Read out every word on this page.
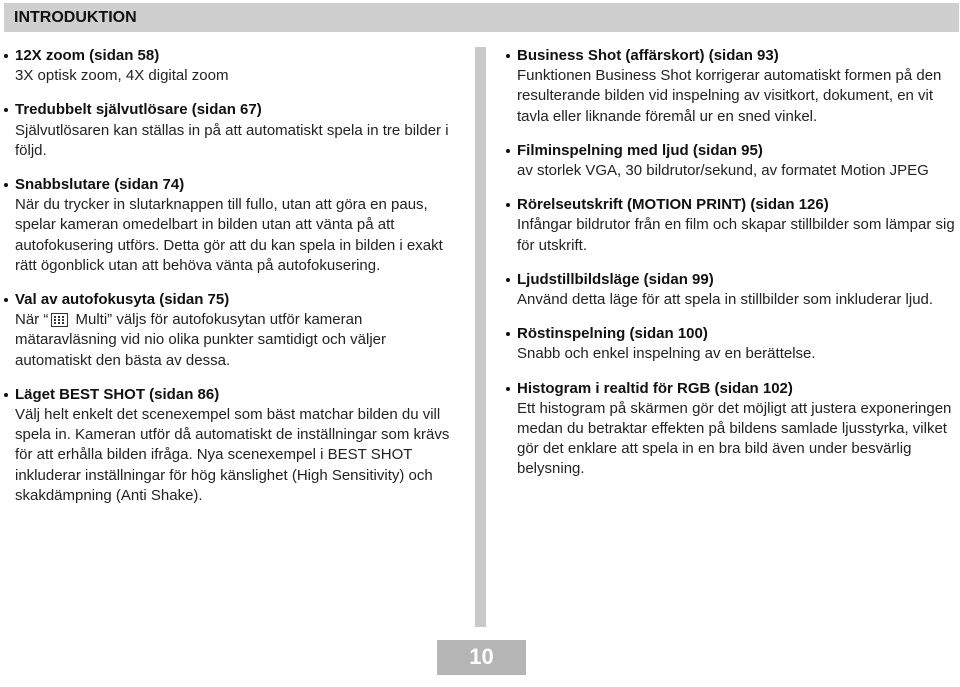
INTRODUKTION
12X zoom (sidan 58)
3X optisk zoom, 4X digital zoom
Tredubbelt självutlösare (sidan 67)
Självutlösaren kan ställas in på att automatiskt spela in tre bilder i följd.
Snabbslutare (sidan 74)
När du trycker in slutarknappen till fullo, utan att göra en paus, spelar kameran omedelbart in bilden utan att vänta på att autofokusering utförs. Detta gör att du kan spela in bilden i exakt rätt ögonblick utan att behöva vänta på autofokusering.
Val av autofokusyta (sidan 75)
När “
Multi” väljs för autofokusytan utför kameran mätaravläsning vid nio olika punkter samtidigt och väljer automatiskt den bästa av dessa.
Läget BEST SHOT (sidan 86)
Välj helt enkelt det scenexempel som bäst matchar bilden du vill spela in. Kameran utför då automatiskt de inställningar som krävs för att erhålla bilden ifråga. Nya scenexempel i BEST SHOT inkluderar inställningar för hög känslighet (High Sensitivity) och skakdämpning (Anti Shake).
Business Shot (affärskort) (sidan 93)
Funktionen Business Shot korrigerar automatiskt formen på den resulterande bilden vid inspelning av visitkort, dokument, en vit tavla eller liknande föremål ur en sned vinkel.
Filminspelning med ljud (sidan 95)
av storlek VGA, 30 bildrutor/sekund, av formatet Motion JPEG
Rörelseutskrift (MOTION PRINT) (sidan 126)
Infångar bildrutor från en film och skapar stillbilder som lämpar sig för utskrift.
Ljudstillbildsläge (sidan 99)
Använd detta läge för att spela in stillbilder som inkluderar ljud.
Röstinspelning (sidan 100)
Snabb och enkel inspelning av en berättelse.
Histogram i realtid för RGB (sidan 102)
Ett histogram på skärmen gör det möjligt att justera exponeringen medan du betraktar effekten på bildens samlade ljusstyrka, vilket gör det enklare att spela in en bra bild även under besvärlig belysning.
10
